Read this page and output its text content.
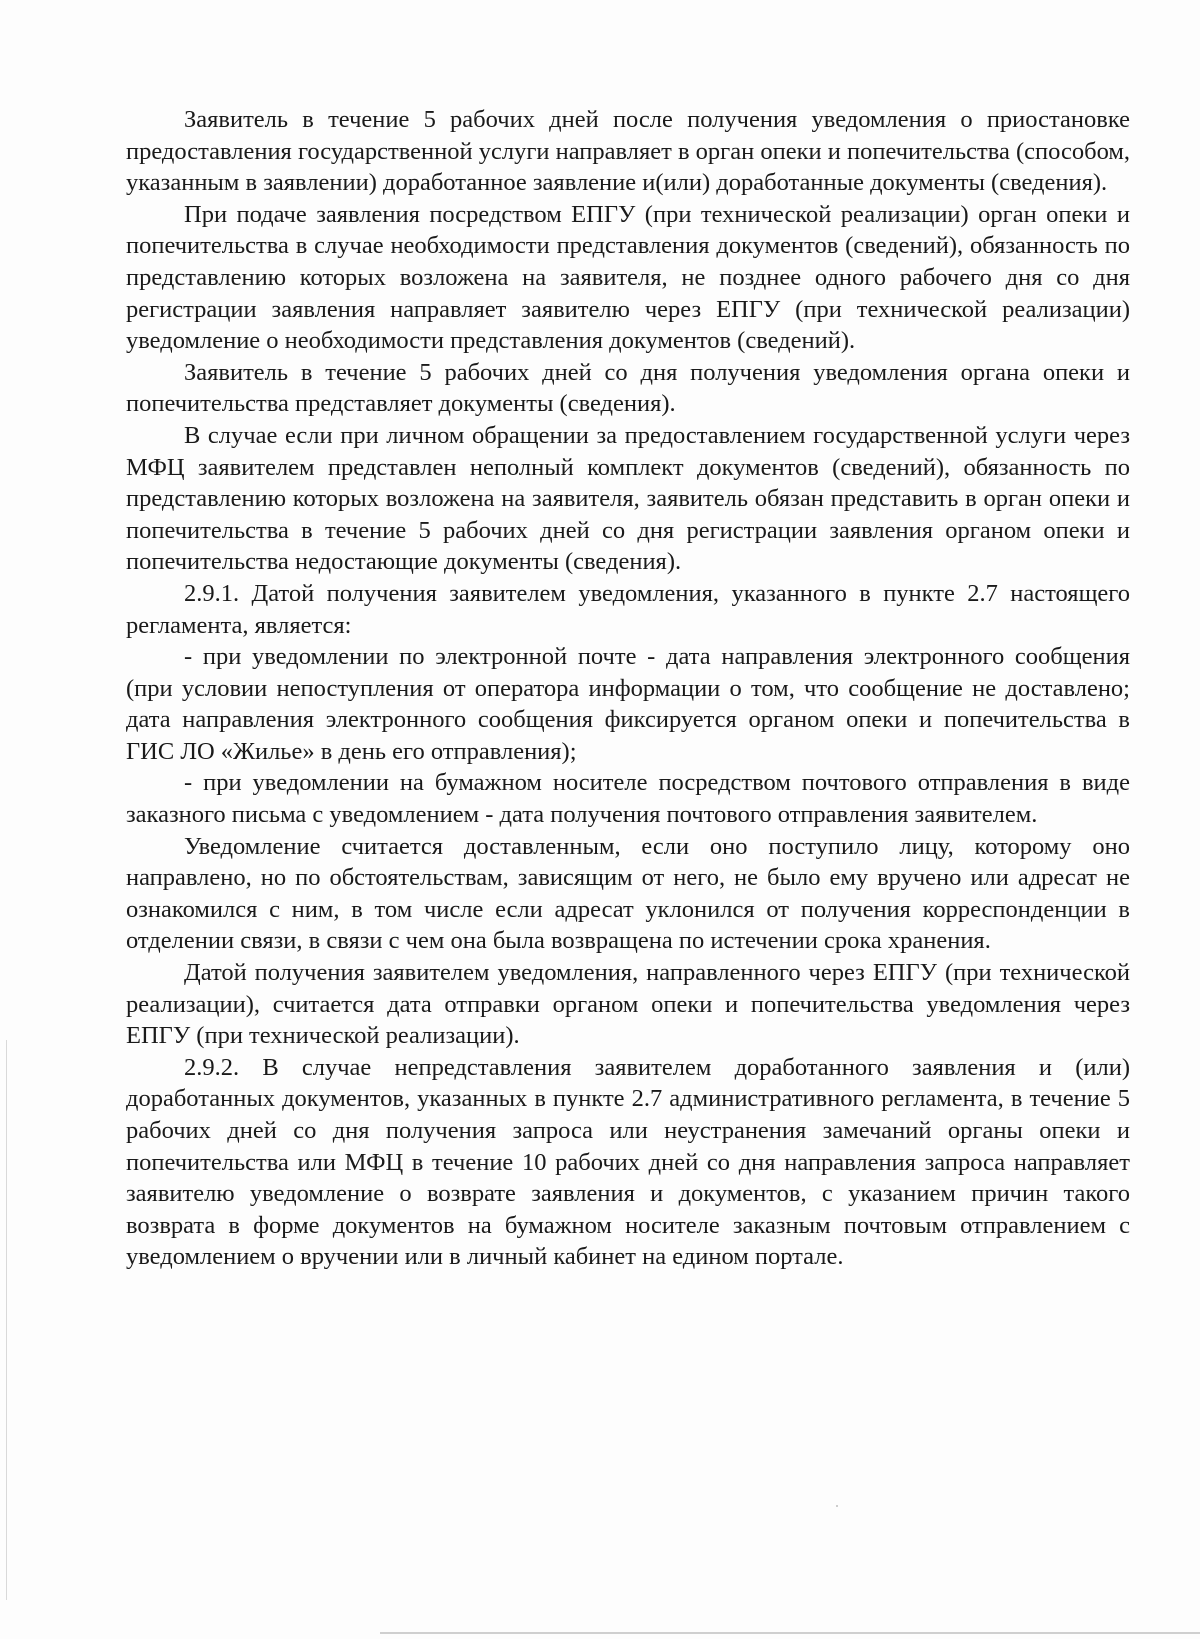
Заявитель в течение 5 рабочих дней после получения уведомления о приостановке предоставления государственной услуги направляет в орган опеки и попечительства (способом, указанным в заявлении) доработанное заявление и(или) доработанные документы (сведения).

При подаче заявления посредством ЕПГУ (при технической реализации) орган опеки и попечительства в случае необходимости представления документов (сведений), обязанность по представлению которых возложена на заявителя, не позднее одного рабочего дня со дня регистрации заявления направляет заявителю через ЕПГУ (при технической реализации) уведомление о необходимости представления документов (сведений).

Заявитель в течение 5 рабочих дней со дня получения уведомления органа опеки и попечительства представляет документы (сведения).

В случае если при личном обращении за предоставлением государственной услуги через МФЦ заявителем представлен неполный комплект документов (сведений), обязанность по представлению которых возложена на заявителя, заявитель обязан представить в орган опеки и попечительства в течение 5 рабочих дней со дня регистрации заявления органом опеки и попечительства недостающие документы (сведения).

2.9.1. Датой получения заявителем уведомления, указанного в пункте 2.7 настоящего регламента, является:

- при уведомлении по электронной почте - дата направления электронного сообщения (при условии непоступления от оператора информации о том, что сообщение не доставлено; дата направления электронного сообщения фиксируется органом опеки и попечительства в ГИС ЛО «Жилье» в день его отправления);

- при уведомлении на бумажном носителе посредством почтового отправления в виде заказного письма с уведомлением - дата получения почтового отправления заявителем.

Уведомление считается доставленным, если оно поступило лицу, которому оно направлено, но по обстоятельствам, зависящим от него, не было ему вручено или адресат не ознакомился с ним, в том числе если адресат уклонился от получения корреспонденции в отделении связи, в связи с чем она была возвращена по истечении срока хранения.

Датой получения заявителем уведомления, направленного через ЕПГУ (при технической реализации), считается дата отправки органом опеки и попечительства уведомления через ЕПГУ (при технической реализации).

2.9.2. В случае непредставления заявителем доработанного заявления и (или) доработанных документов, указанных в пункте 2.7 административного регламента, в течение 5 рабочих дней со дня получения запроса или неустранения замечаний органы опеки и попечительства или МФЦ в течение 10 рабочих дней со дня направления запроса направляет заявителю уведомление о возврате заявления и документов, с указанием причин такого возврата в форме документов на бумажном носителе заказным почтовым отправлением с уведомлением о вручении или в личный кабинет на едином портале.
